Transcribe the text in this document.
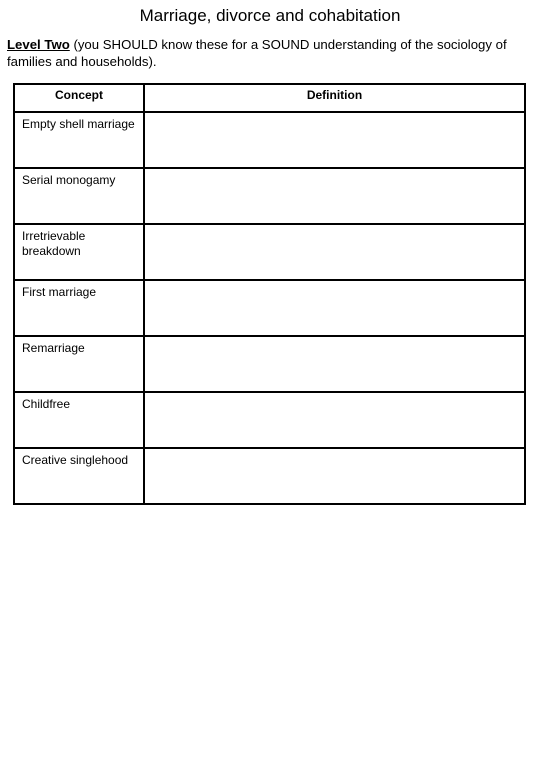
Marriage, divorce and cohabitation
Level Two (you SHOULD know these for a SOUND understanding of the sociology of families and households).
Concept	Definition

Empty shell marriage	

Serial monogamy	

Irretrievable breakdown	

First marriage	

Remarriage	

Childfree	

Creative singlehood	
